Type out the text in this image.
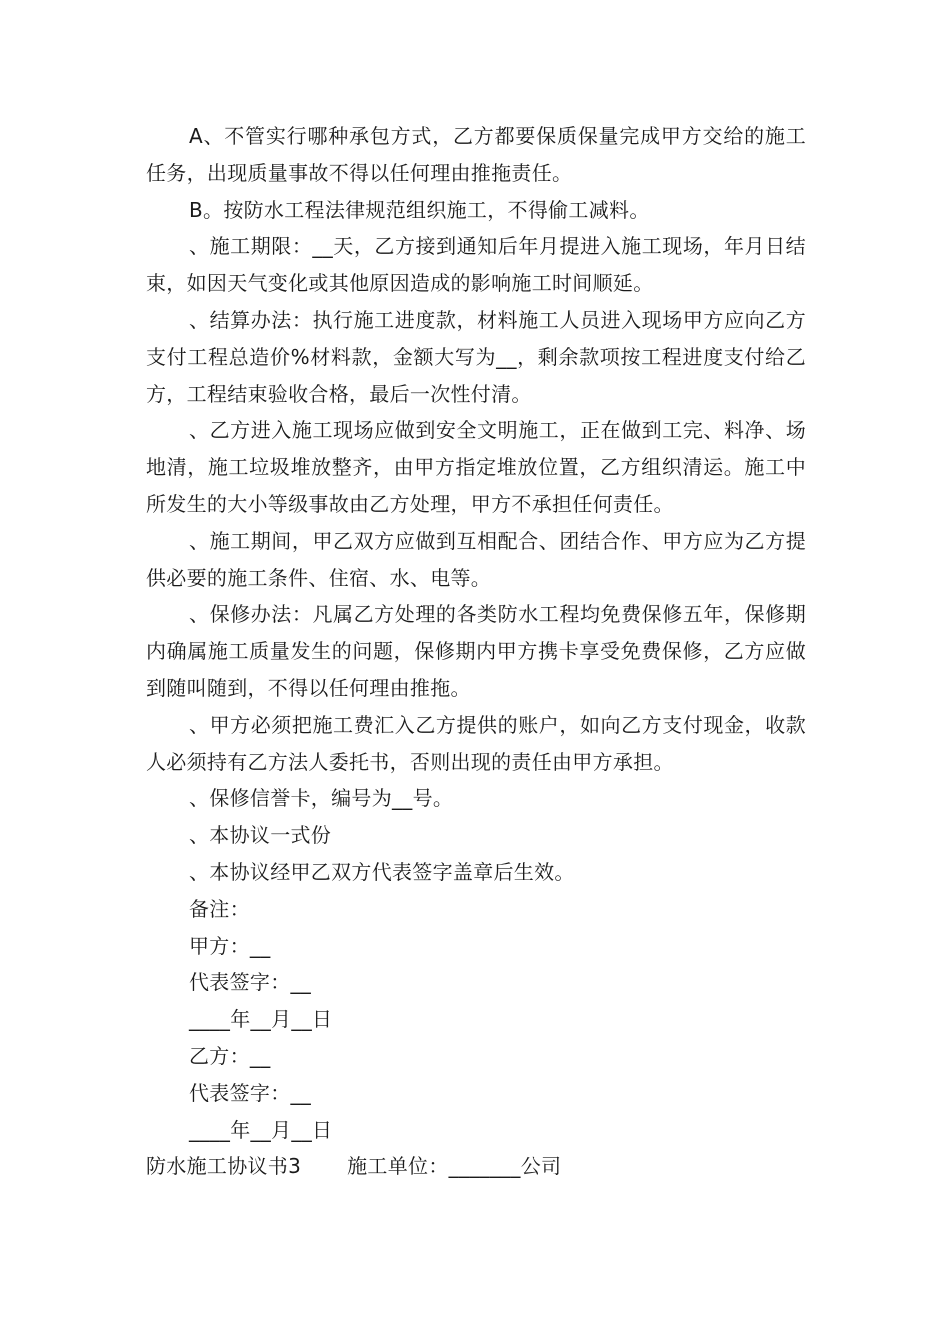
A、不管实行哪种承包方式，乙方都要保质保量完成甲方交给的施工任务，出现质量事故不得以任何理由推拖责任。

B。按防水工程法律规范组织施工，不得偷工减料。

、施工期限：__天，乙方接到通知后年月提进入施工现场，年月日结束，如因天气变化或其他原因造成的影响施工时间顺延。

、结算办法：执行施工进度款，材料施工人员进入现场甲方应向乙方支付工程总造价%材料款，金额大写为__，剩余款项按工程进度支付给乙方，工程结束验收合格，最后一次性付清。

、乙方进入施工现场应做到安全文明施工，正在做到工完、料净、场地清，施工垃圾堆放整齐，由甲方指定堆放位置，乙方组织清运。施工中所发生的大小等级事故由乙方处理，甲方不承担任何责任。

、施工期间，甲乙双方应做到互相配合、团结合作、甲方应为乙方提供必要的施工条件、住宿、水、电等。

、保修办法：凡属乙方处理的各类防水工程均免费保修五年，保修期内确属施工质量发生的问题，保修期内甲方携卡享受免费保修，乙方应做到随叫随到，不得以任何理由推拖。

、甲方必须把施工费汇入乙方提供的账户，如向乙方支付现金，收款人必须持有乙方法人委托书，否则出现的责任由甲方承担。

、保修信誉卡，编号为__号。

、本协议一式份

、本协议经甲乙双方代表签字盖章后生效。

备注：

甲方：__

代表签字：__

____年__月__日

乙方：__

代表签字：__

____年__月__日

防水施工协议书3 施工单位：_______公司
